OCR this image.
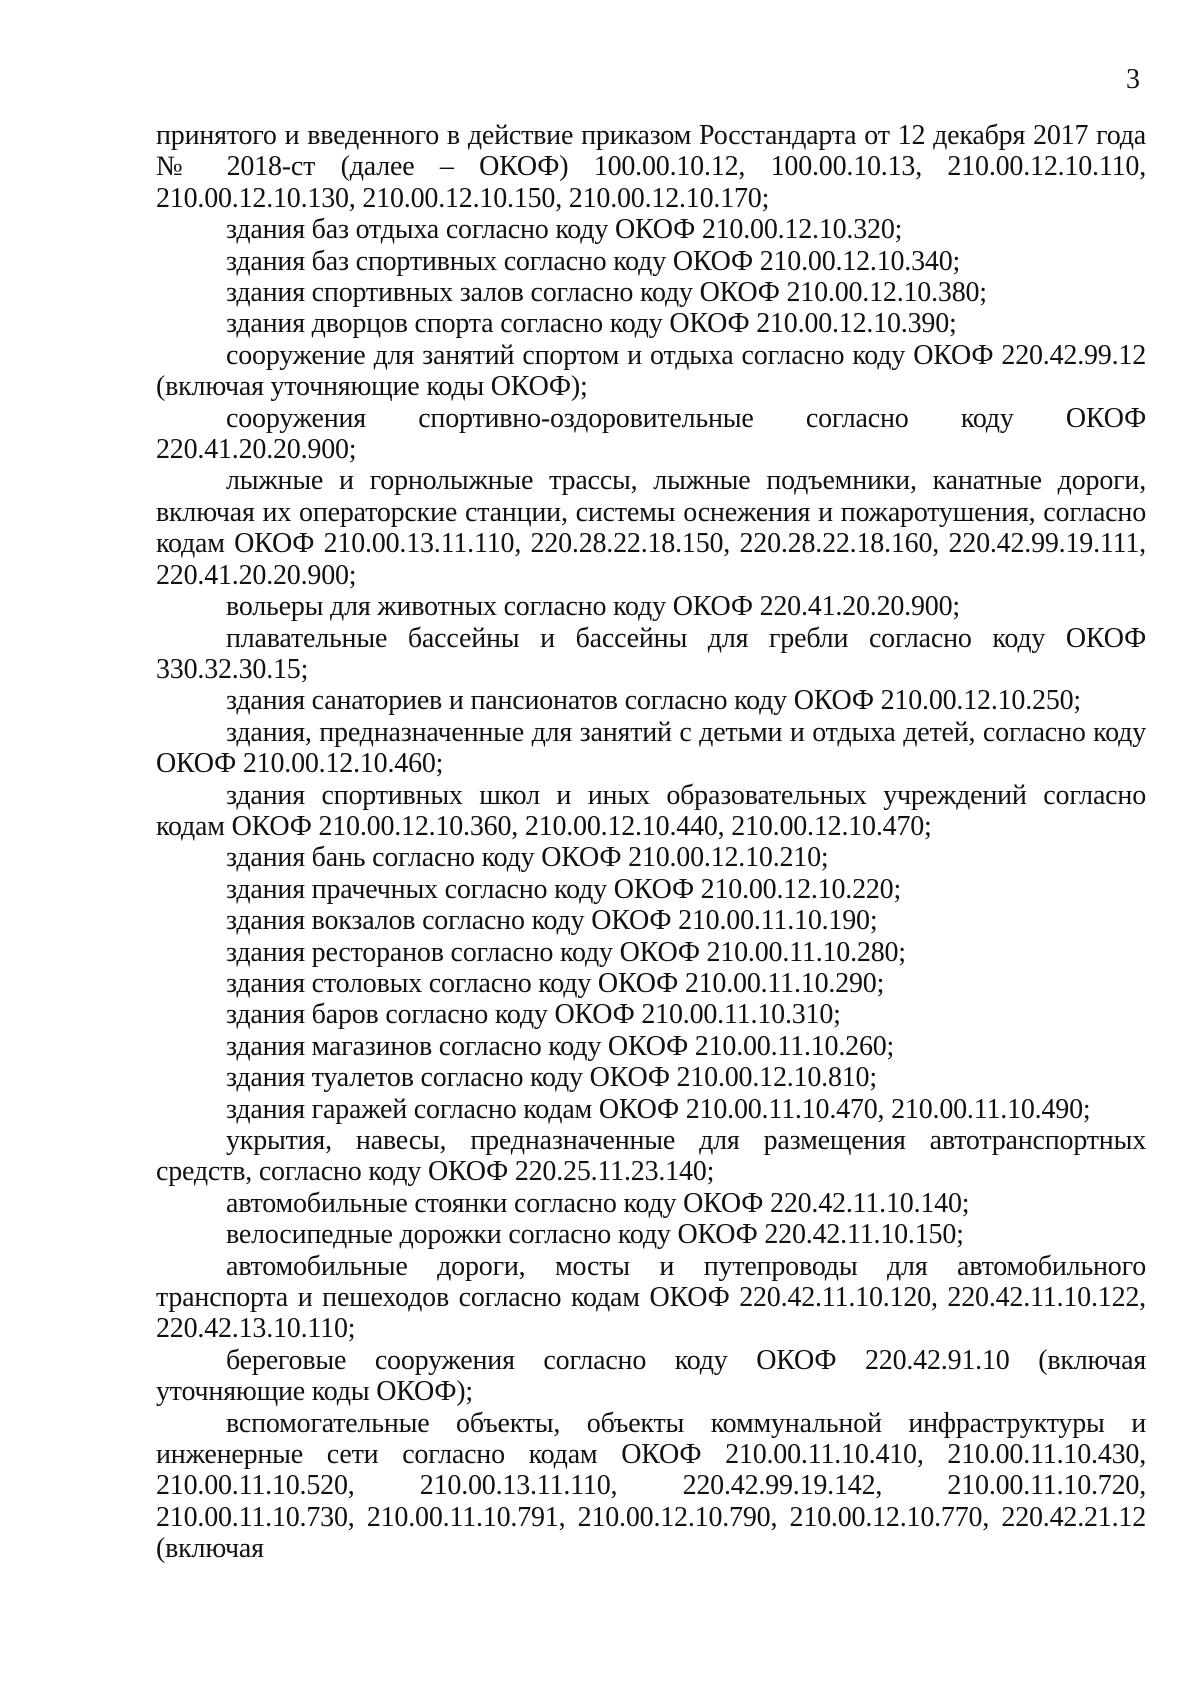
3

принятого и введенного в действие приказом Росстандарта от 12 декабря 2017 года № 2018-ст (далее – ОКОФ) 100.00.10.12, 100.00.10.13, 210.00.12.10.110, 210.00.12.10.130, 210.00.12.10.150, 210.00.12.10.170;

здания баз отдыха согласно коду ОКОФ 210.00.12.10.320;

здания баз спортивных согласно коду ОКОФ 210.00.12.10.340;

здания спортивных залов согласно коду ОКОФ 210.00.12.10.380;

здания дворцов спорта согласно коду ОКОФ 210.00.12.10.390;

сооружение для занятий спортом и отдыха согласно коду ОКОФ 220.42.99.12 (включая уточняющие коды ОКОФ);

сооружения спортивно-оздоровительные согласно коду ОКОФ 220.41.20.20.900;

лыжные и горнолыжные трассы, лыжные подъемники, канатные дороги, включая их операторские станции, системы оснежения и пожаротушения, согласно кодам ОКОФ 210.00.13.11.110, 220.28.22.18.150, 220.28.22.18.160, 220.42.99.19.111, 220.41.20.20.900;

вольеры для животных согласно коду ОКОФ 220.41.20.20.900;

плавательные бассейны и бассейны для гребли согласно коду ОКОФ 330.32.30.15;

здания санаториев и пансионатов согласно коду ОКОФ 210.00.12.10.250;

здания, предназначенные для занятий с детьми и отдыха детей, согласно коду ОКОФ 210.00.12.10.460;

здания спортивных школ и иных образовательных учреждений согласно кодам ОКОФ 210.00.12.10.360, 210.00.12.10.440, 210.00.12.10.470;

здания бань согласно коду ОКОФ 210.00.12.10.210;

здания прачечных согласно коду ОКОФ 210.00.12.10.220;

здания вокзалов согласно коду ОКОФ 210.00.11.10.190;

здания ресторанов согласно коду ОКОФ 210.00.11.10.280;

здания столовых согласно коду ОКОФ 210.00.11.10.290;

здания баров согласно коду ОКОФ 210.00.11.10.310;

здания магазинов согласно коду ОКОФ 210.00.11.10.260;

здания туалетов согласно коду ОКОФ 210.00.12.10.810;

здания гаражей согласно кодам ОКОФ 210.00.11.10.470, 210.00.11.10.490;

укрытия, навесы, предназначенные для размещения автотранспортных средств, согласно коду ОКОФ 220.25.11.23.140;

автомобильные стоянки согласно коду ОКОФ 220.42.11.10.140;

велосипедные дорожки согласно коду ОКОФ 220.42.11.10.150;

автомобильные дороги, мосты и путепроводы для автомобильного транспорта и пешеходов согласно кодам ОКОФ 220.42.11.10.120, 220.42.11.10.122, 220.42.13.10.110;

береговые сооружения согласно коду ОКОФ 220.42.91.10 (включая уточняющие коды ОКОФ);

вспомогательные объекты, объекты коммунальной инфраструктуры и инженерные сети согласно кодам ОКОФ 210.00.11.10.410, 210.00.11.10.430, 210.00.11.10.520, 210.00.13.11.110, 220.42.99.19.142, 210.00.11.10.720, 210.00.11.10.730, 210.00.11.10.791, 210.00.12.10.790, 210.00.12.10.770, 220.42.21.12 (включая
